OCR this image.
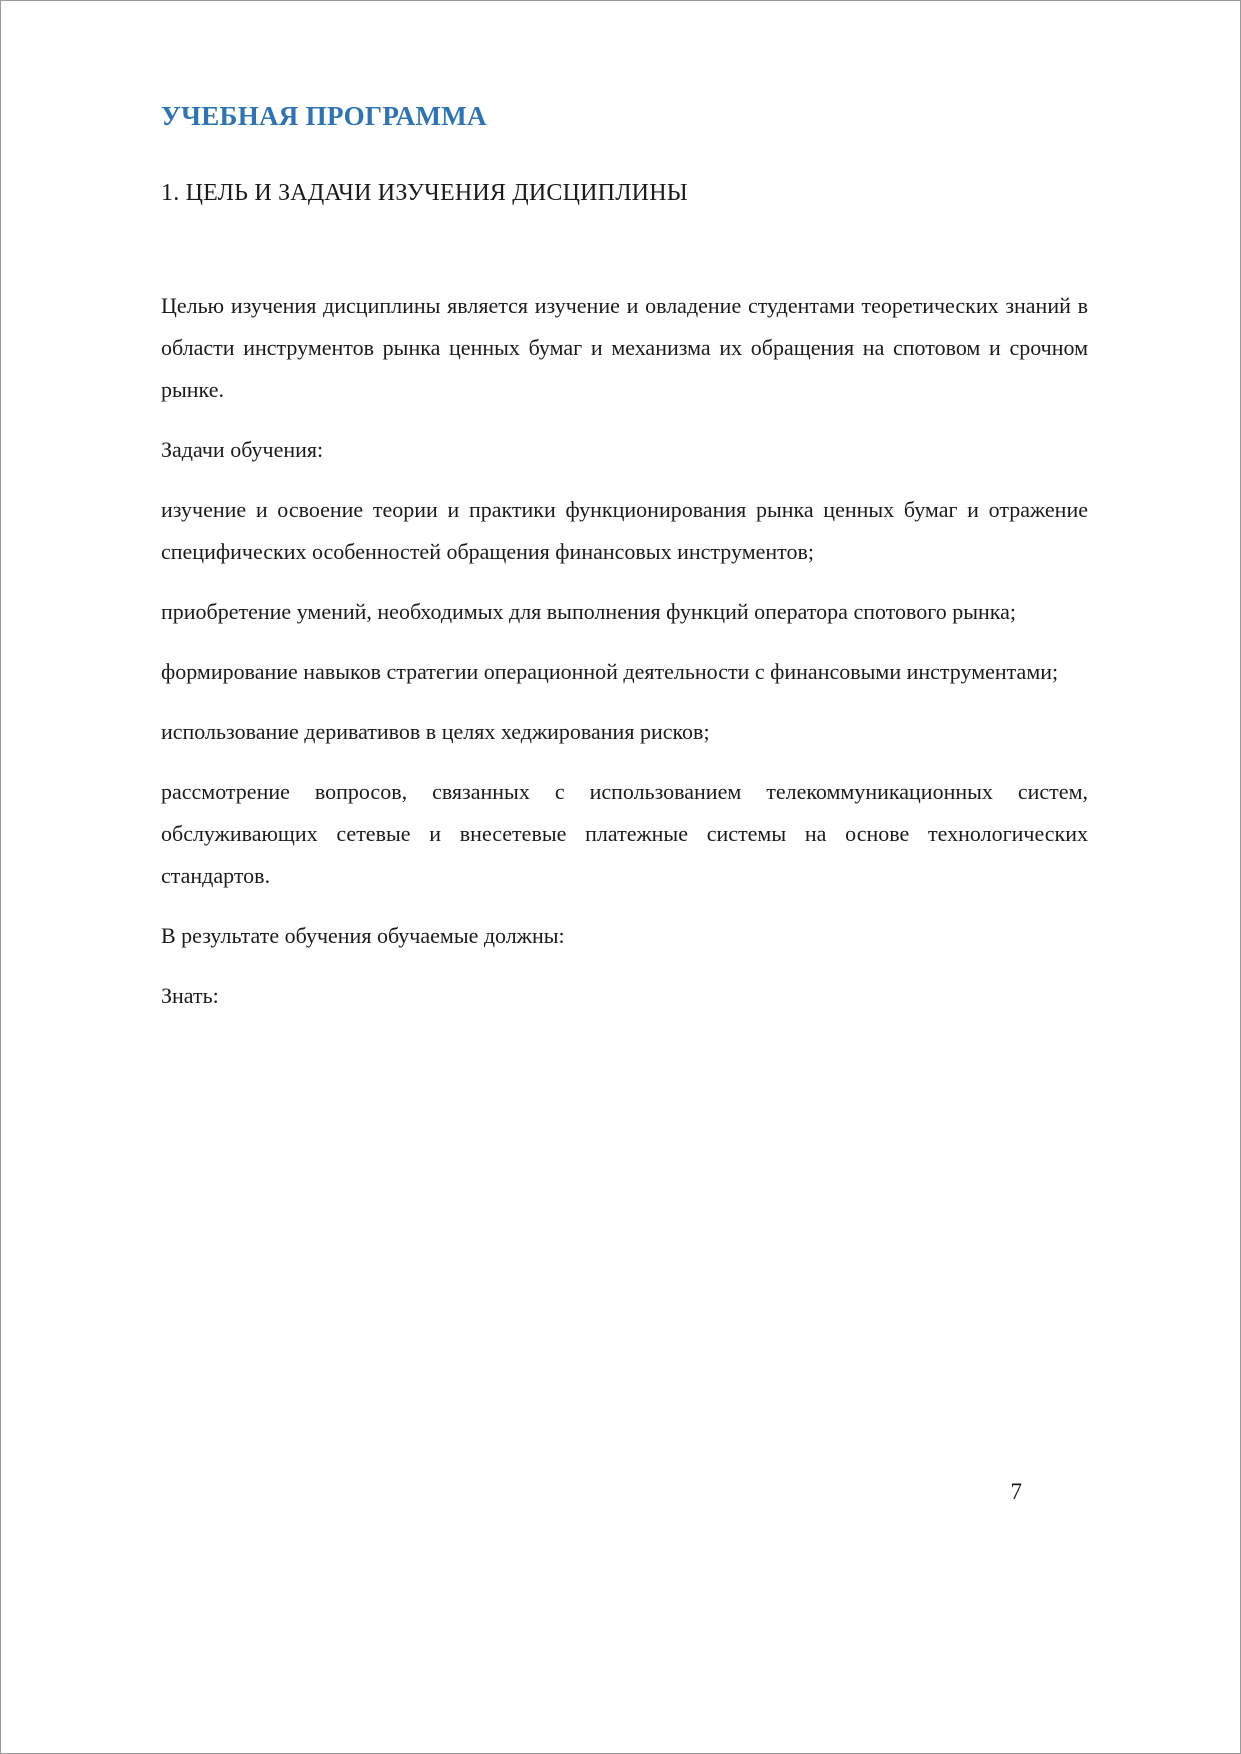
УЧЕБНАЯ ПРОГРАММА
1. ЦЕЛЬ И ЗАДАЧИ ИЗУЧЕНИЯ ДИСЦИПЛИНЫ

Целью изучения дисциплины является изучение и овладение студентами теоретических знаний в области инструментов рынка ценных бумаг и механизма их обращения на спотовом и срочном рынке.

Задачи обучения:

изучение и освоение теории и практики функционирования рынка ценных бумаг и отражение специфических особенностей обращения финансовых инструментов;

приобретение умений, необходимых для выполнения функций оператора спотового рынка;

формирование навыков стратегии операционной деятельности с финансовыми инструментами;

использование деривативов в целях хеджирования рисков;

рассмотрение вопросов, связанных с использованием телекоммуникационных систем, обслуживающих сетевые и внесетевые платежные системы на основе технологических стандартов.

В результате обучения обучаемые должны:

Знать:

7
